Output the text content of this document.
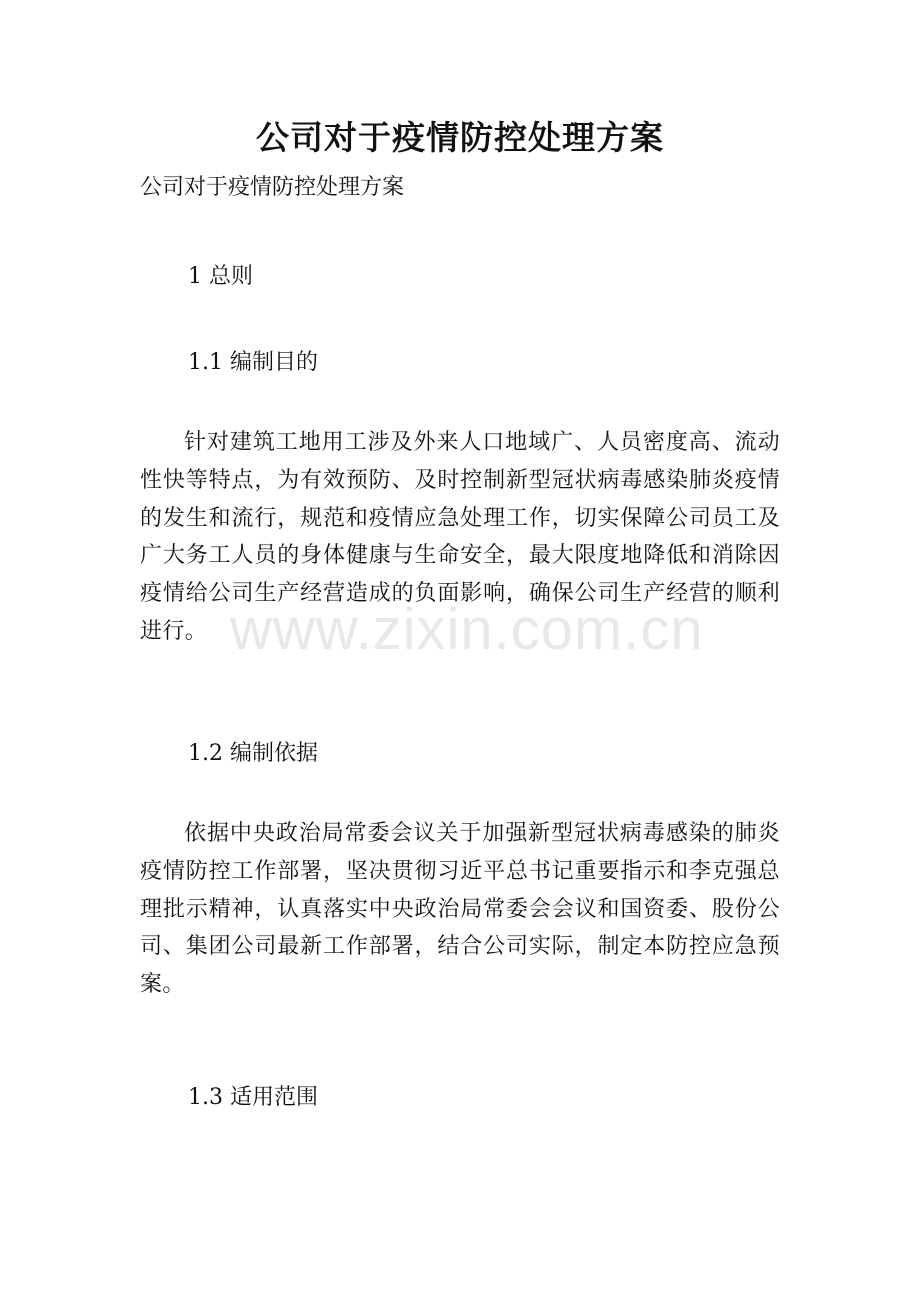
www.zixin.com.cn
公司对于疫情防控处理方案

公司对于疫情防控处理方案

1 总则

1.1 编制目的

针对建筑工地用工涉及外来人口地域广、人员密度高、流动性快等特点，为有效预防、及时控制新型冠状病毒感染肺炎疫情的发生和流行，规范和疫情应急处理工作，切实保障公司员工及广大务工人员的身体健康与生命安全，最大限度地降低和消除因疫情给公司生产经营造成的负面影响，确保公司生产经营的顺利进行。

1.2 编制依据

依据中央政治局常委会议关于加强新型冠状病毒感染的肺炎疫情防控工作部署，坚决贯彻习近平总书记重要指示和李克强总理批示精神，认真落实中央政治局常委会会议和国资委、股份公司、集团公司最新工作部署，结合公司实际，制定本防控应急预案。

1.3 适用范围
